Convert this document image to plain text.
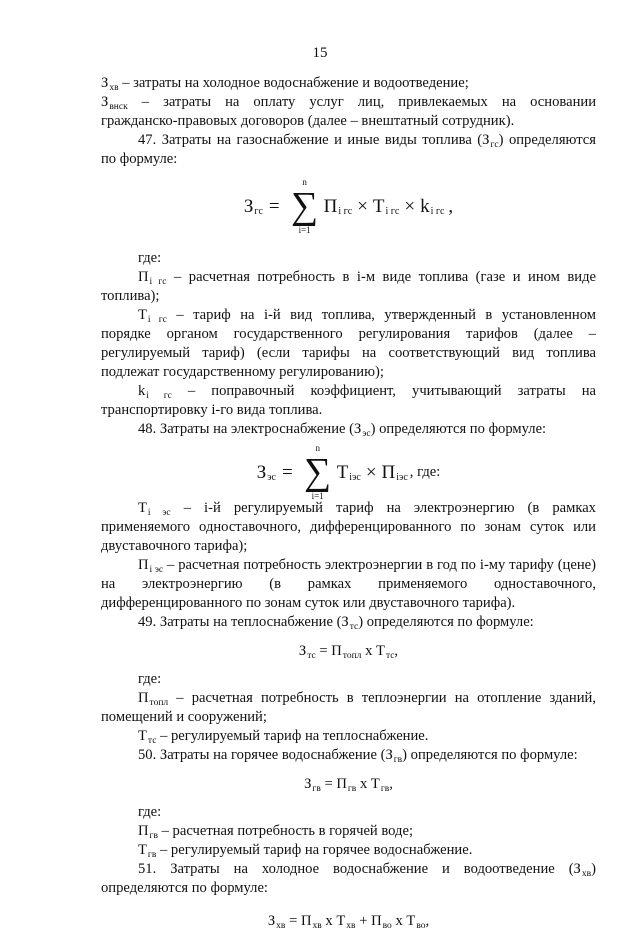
15
$З_{хв}$ – затраты на холодное водоснабжение и водоотведение;
$З_{внск}$ – затраты на оплату услуг лиц, привлекаемых на основании
гражданско-правовых договоров (далее – внештатный сотрудник).
47. Затраты на газоснабжение и иные виды топлива $(З_{гс})$ определяются
по формуле:
З гс =
n
∑
i=1
П i гс × Т i гс × k i гс ,
где:
$П_{i гс}$ – расчетная потребность в i-м виде топлива (газе и ином виде
топлива);
$Т_{i гс}$ – тариф на i-й вид топлива, утвержденный в установленном
порядке органом государственного регулирования тарифов (далее –
регулируемый тариф) (если тарифы на соответствующий вид топлива
подлежат государственному регулированию);
$k_{i гс}$ – поправочный коэффициент, учитывающий затраты на
транспортировку i-го вида топлива.
48. Затраты на электроснабжение $(З_{эс})$ определяются по формуле:
З эс =
n
∑
i=1
Т iэс × П iэс , где:
$Т_{i эс} - i-й$ регулируемый тариф на электроэнергию (в рамках
применяемого одноставочного, дифференцированного по зонам суток или
двуставочного тарифа);
$П_{i эс}$ – расчетная потребность электроэнергии в год по i-му тарифу (цене)
на электроэнергию (в рамках применяемого одноставочного,
дифференцированного по зонам суток или двуставочного тарифа).
49. Затраты на теплоснабжение $(З_{тс})$ определяются по формуле:
$З_{тс} = П_{топл}$ x $Т_{тс}$,
где:
$П_{топл}$ – расчетная потребность в теплоэнергии на отопление зданий,
помещений и сооружений;
$Т_{тс}$ – регулируемый тариф на теплоснабжение.
50. Затраты на горячее водоснабжение $(З_{гв})$ определяются по формуле:
$З_{гв} = П_{гв}$ x $Т_{гв}$,
где:
$П_{гв}$ – расчетная потребность в горячей воде;
$Т_{гв}$ – регулируемый тариф на горячее водоснабжение.
51. Затраты на холодное водоснабжение и водоотведение $(З_{хв})$
определяются по формуле:
$З_{хв} = П_{хв}$ x $Т_{хв} + П_{во}$ x $Т_{во}$,
